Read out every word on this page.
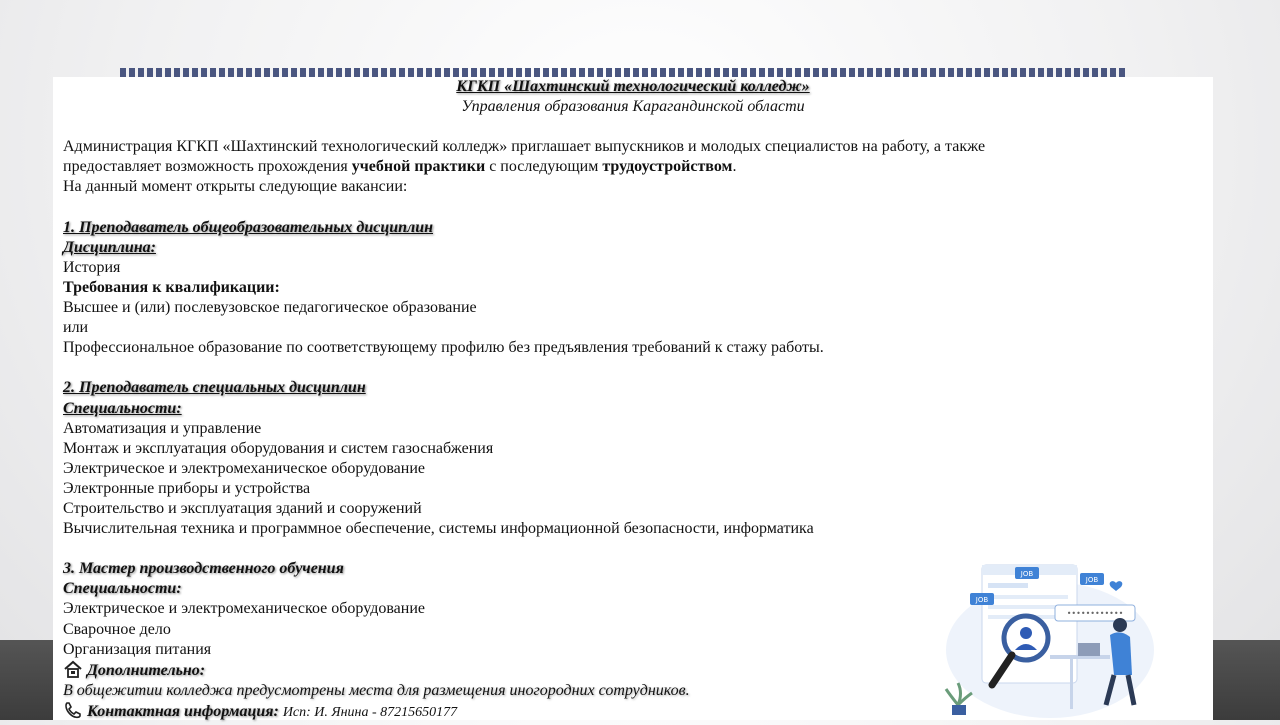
КГКП «Шахтинский технологический колледж»
Управления образования Карагандинской области
Администрация КГКП «Шахтинский технологический колледж» приглашает выпускников и молодых специалистов на работу, а также
предоставляет возможность прохождения учебной практики с последующим трудоустройством.
На данный момент открыты следующие вакансии:
1. Преподаватель общеобразовательных дисциплин
Дисциплина:
История
Требования к квалификации:
Высшее и (или) послевузовское педагогическое образование
или
Профессиональное образование по соответствующему профилю без предъявления требований к стажу работы.
2. Преподаватель специальных дисциплин
Специальности:
Автоматизация и управление
Монтаж и эксплуатация оборудования и систем газоснабжения
Электрическое и электромеханическое оборудование
Электронные приборы и устройства
Строительство и эксплуатация зданий и сооружений
Вычислительная техника и программное обеспечение, системы информационной безопасности, информатика
3. Мастер производственного обучения
Специальности:
Электрическое и электромеханическое оборудование
Сварочное дело
Организация питания
Дополнительно:
В общежитии колледжа предусмотрены места для размещения иногородних сотрудников.
Контактная информация: Исп: И. Янина - 87215650177
JOB
JOB
JOB
••••••••••••
